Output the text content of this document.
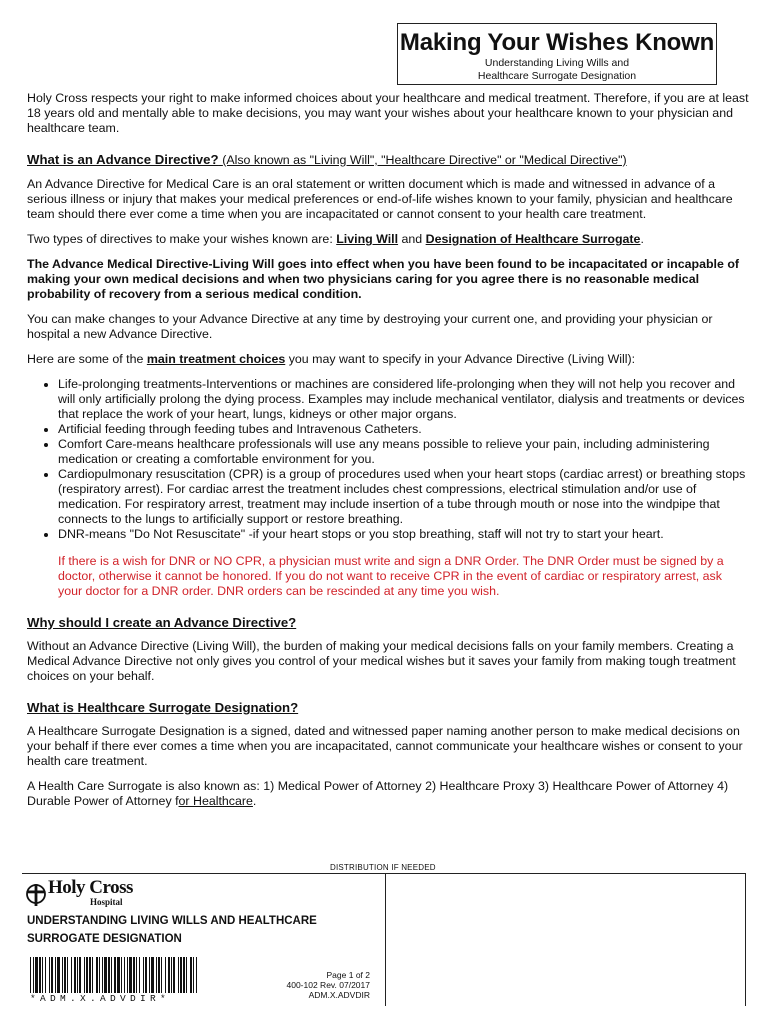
Making Your Wishes Known
Understanding Living Wills and
Healthcare Surrogate Designation

Holy Cross respects your right to make informed choices about your healthcare and medical treatment. Therefore, if you are at least 18 years old and mentally able to make decisions, you may want your wishes about your healthcare known to your physician and healthcare team.

What is an Advance Directive? (Also known as "Living Will", "Healthcare Directive" or "Medical Directive")

An Advance Directive for Medical Care is an oral statement or written document which is made and witnessed in advance of a serious illness or injury that makes your medical preferences or end-of-life wishes known to your family, physician and healthcare team should there ever come a time when you are incapacitated or cannot consent to your health care treatment.

Two types of directives to make your wishes known are: Living Will and Designation of Healthcare Surrogate.

The Advance Medical Directive-Living Will goes into effect when you have been found to be incapacitated or incapable of making your own medical decisions and when two physicians caring for you agree there is no reasonable medical probability of recovery from a serious medical condition.

You can make changes to your Advance Directive at any time by destroying your current one, and providing your physician or hospital a new Advance Directive.

Here are some of the main treatment choices you may want to specify in your Advance Directive (Living Will):

• Life-prolonging treatments-Interventions or machines are considered life-prolonging when they will not help you recover and will only artificially prolong the dying process. Examples may include mechanical ventilator, dialysis and treatments or devices that replace the work of your heart, lungs, kidneys or other major organs.
• Artificial feeding through feeding tubes and Intravenous Catheters.
• Comfort Care-means healthcare professionals will use any means possible to relieve your pain, including administering medication or creating a comfortable environment for you.
• Cardiopulmonary resuscitation (CPR) is a group of procedures used when your heart stops (cardiac arrest) or breathing stops (respiratory arrest). For cardiac arrest the treatment includes chest compressions, electrical stimulation and/or use of medication. For respiratory arrest, treatment may include insertion of a tube through mouth or nose into the windpipe that connects to the lungs to artificially support or restore breathing.
• DNR-means "Do Not Resuscitate" -if your heart stops or you stop breathing, staff will not try to start your heart.

If there is a wish for DNR or NO CPR, a physician must write and sign a DNR Order. The DNR Order must be signed by a doctor, otherwise it cannot be honored. If you do not want to receive CPR in the event of cardiac or respiratory arrest, ask your doctor for a DNR order. DNR orders can be rescinded at any time you wish.

Why should I create an Advance Directive?

Without an Advance Directive (Living Will), the burden of making your medical decisions falls on your family members. Creating a Medical Advance Directive not only gives you control of your medical wishes but it saves your family from making tough treatment choices on your behalf.

What is Healthcare Surrogate Designation?

A Healthcare Surrogate Designation is a signed, dated and witnessed paper naming another person to make medical decisions on your behalf if there ever comes a time when you are incapacitated, cannot communicate your healthcare wishes or consent to your health care treatment.

A Health Care Surrogate is also known as: 1) Medical Power of Attorney 2) Healthcare Proxy 3) Healthcare Power of Attorney 4) Durable Power of Attorney for Healthcare.

DISTRIBUTION IF NEEDED
Holy Cross
Hospital
UNDERSTANDING LIVING WILLS AND HEALTHCARE
SURROGATE DESIGNATION
*ADM.X.ADVDIR*
Page 1 of 2
400-102 Rev. 07/2017
ADM.X.ADVDIR
